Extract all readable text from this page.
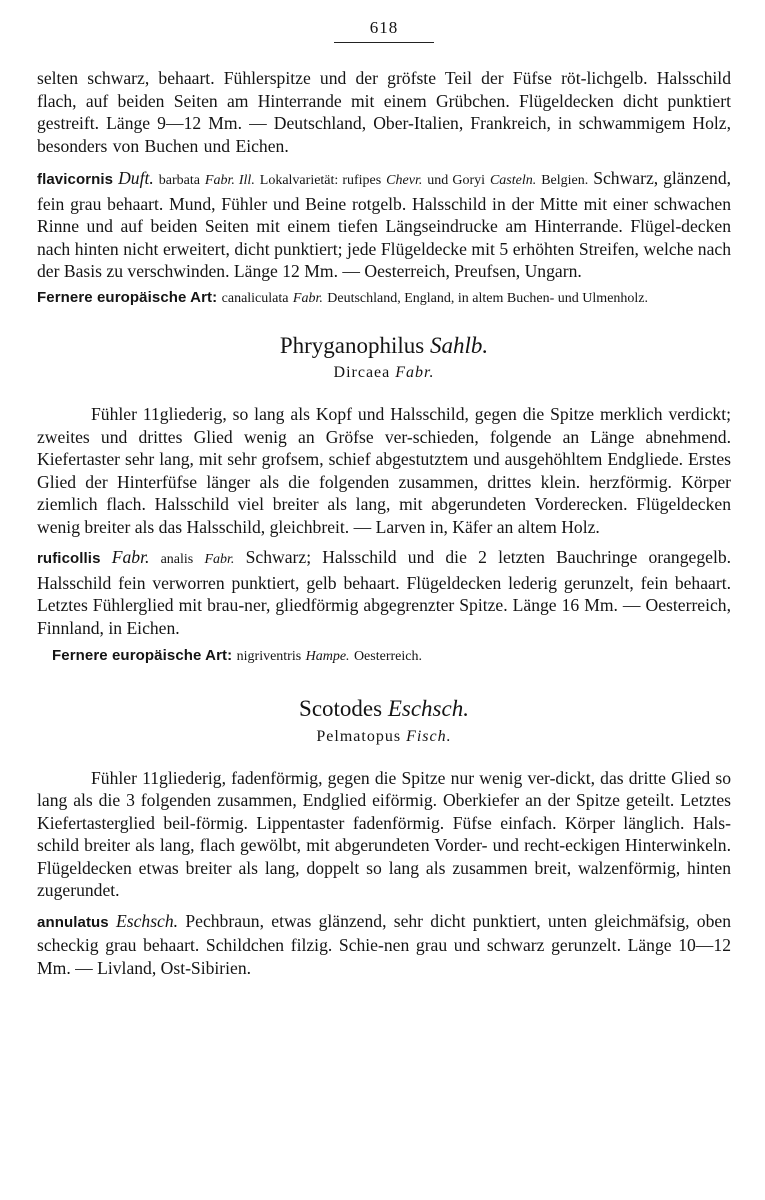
618

selten schwarz, behaart. Fühlerspitze und der gröfste Teil der Füfse röt-lichgelb. Halsschild flach, auf beiden Seiten am Hinterrande mit einem Grübchen. Flügeldecken dicht punktiert gestreift. Länge 9—12 Mm. — Deutschland, Ober-Italien, Frankreich, in schwammigem Holz, besonders von Buchen und Eichen.

flavicornis Duft. barbata Fabr. Ill. Lokalvarietät: rufipes Chevr. und Goryi Casteln. Belgien. Schwarz, glänzend, fein grau behaart. Mund, Fühler und Beine rotgelb. Halsschild in der Mitte mit einer schwachen Rinne und auf beiden Seiten mit einem tiefen Längseindrucke am Hinterrande. Flügel-decken nach hinten nicht erweitert, dicht punktiert; jede Flügeldecke mit 5 erhöhten Streifen, welche nach der Basis zu verschwinden. Länge 12 Mm. — Oesterreich, Preufsen, Ungarn.

Fernere europäische Art: canaliculata Fabr. Deutschland, England, in altem Buchen- und Ulmenholz.

Phryganophilus Sahlb.
Dircaea Fabr.

Fühler 11gliederig, so lang als Kopf und Halsschild, gegen die Spitze merklich verdickt; zweites und drittes Glied wenig an Gröfse ver-schieden, folgende an Länge abnehmend. Kiefertaster sehr lang, mit sehr grofsem, schief abgestutztem und ausgehöhltem Endgliede. Erstes Glied der Hinterfüfse länger als die folgenden zusammen, drittes klein. herzförmig. Körper ziemlich flach. Halsschild viel breiter als lang, mit abgerundeten Vorderecken. Flügeldecken wenig breiter als das Halsschild, gleichbreit. — Larven in, Käfer an altem Holz.

ruficollis Fabr. analis Fabr. Schwarz; Halsschild und die 2 letzten Bauchringe orangegelb. Halsschild fein verworren punktiert, gelb behaart. Flügeldecken lederig gerunzelt, fein behaart. Letztes Fühlerglied mit brau-ner, gliedförmig abgegrenzter Spitze. Länge 16 Mm. — Oesterreich, Finnland, in Eichen.

Fernere europäische Art: nigriventris Hampe. Oesterreich.

Scotodes Eschsch.
Pelmatopus Fisch.

Fühler 11gliederig, fadenförmig, gegen die Spitze nur wenig ver-dickt, das dritte Glied so lang als die 3 folgenden zusammen, Endglied eiförmig. Oberkiefer an der Spitze geteilt. Letztes Kiefertasterglied beil-förmig. Lippentaster fadenförmig. Füfse einfach. Körper länglich. Hals-schild breiter als lang, flach gewölbt, mit abgerundeten Vorder- und recht-eckigen Hinterwinkeln. Flügeldecken etwas breiter als lang, doppelt so lang als zusammen breit, walzenförmig, hinten zugerundet.

annulatus Eschsch. Pechbraun, etwas glänzend, sehr dicht punktiert, unten gleichmäfsig, oben scheckig grau behaart. Schildchen filzig. Schie-nen grau und schwarz gerunzelt. Länge 10—12 Mm. — Livland, Ost-Sibirien.
